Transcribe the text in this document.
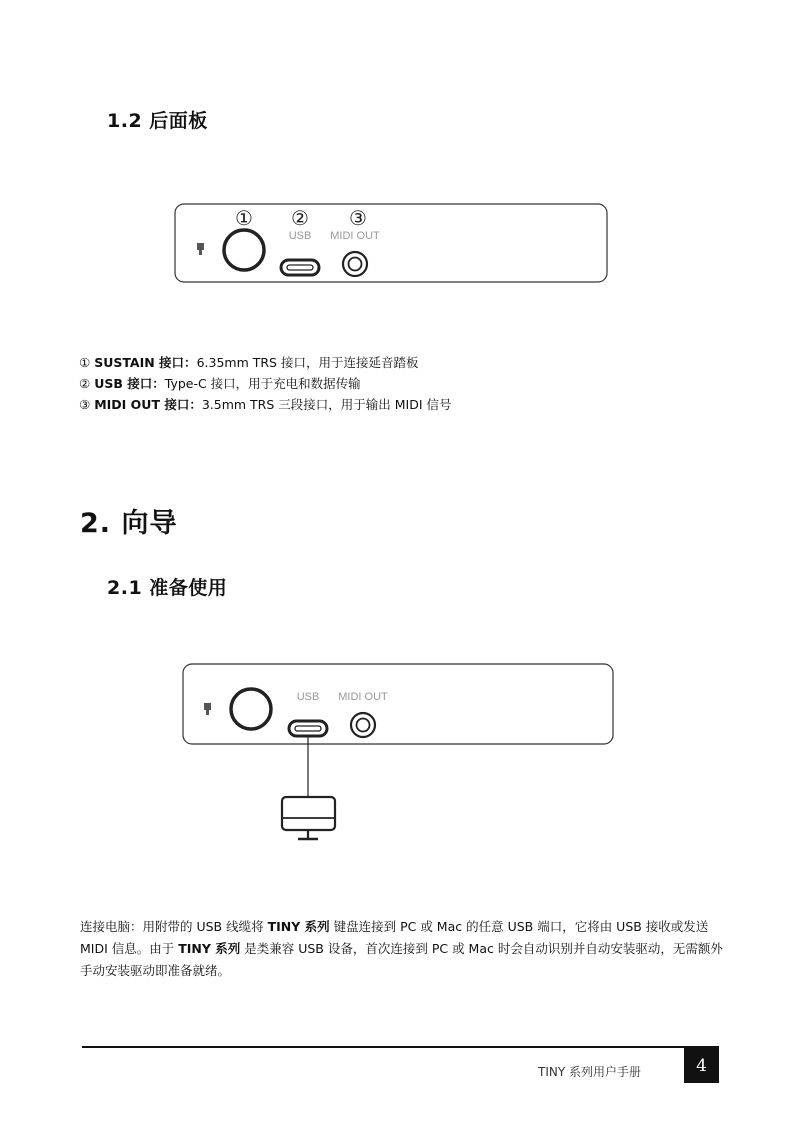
1.2 后面板
① ② ③
USB MIDI OUT
① SUSTAIN 接口：6.35mm TRS 接口，用于连接延音踏板
② USB 接口：Type-C 接口，用于充电和数据传输
③ MIDI OUT 接口：3.5mm TRS 三段接口，用于输出 MIDI 信号
2. 向导
2.1 准备使用
USB MIDI OUT
连接电脑：用附带的 USB 线缆将 TINY 系列 键盘连接到 PC 或 Mac 的任意 USB 端口，它将由 USB 接收或发送 MIDI 信息。由于 TINY 系列 是类兼容 USB 设备，首次连接到 PC 或 Mac 时会自动识别并自动安装驱动，无需额外手动安装驱动即准备就绪。
TINY 系列用户手册	4
